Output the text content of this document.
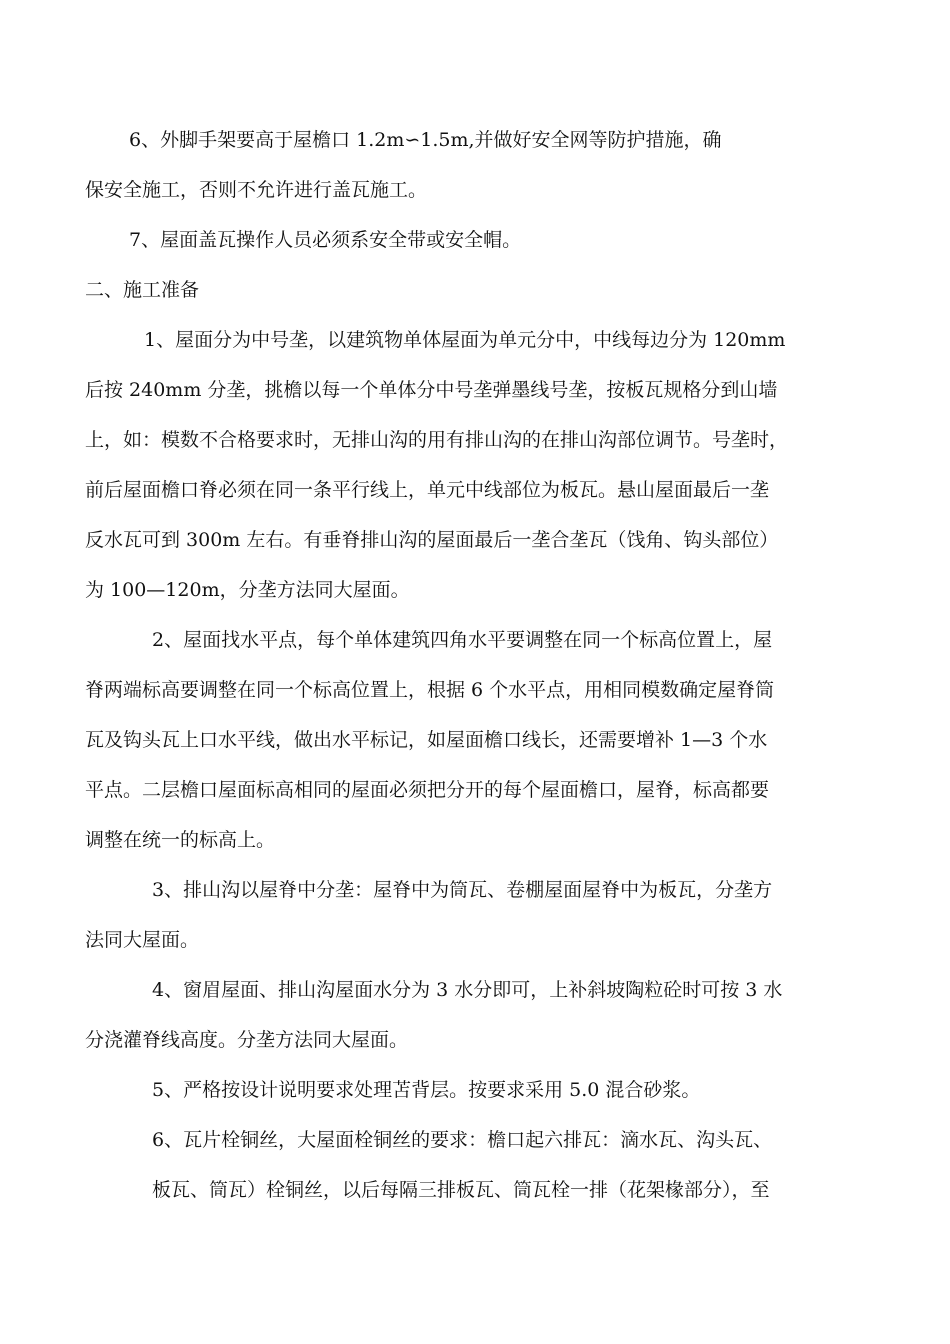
6、外脚手架要高于屋檐口 1.2m∽1.5m,并做好安全网等防护措施，确
保安全施工，否则不允许进行盖瓦施工。
7、屋面盖瓦操作人员必须系安全带或安全帽。
二、施工准备
1、屋面分为中号垄，以建筑物单体屋面为单元分中，中线每边分为 120mm
后按 240mm 分垄，挑檐以每一个单体分中号垄弹墨线号垄，按板瓦规格分到山墙
上，如：模数不合格要求时，无排山沟的用有排山沟的在排山沟部位调节。号垄时，
前后屋面檐口脊必须在同一条平行线上，单元中线部位为板瓦。悬山屋面最后一垄
反水瓦可到 300m 左右。有垂脊排山沟的屋面最后一垄合垄瓦（饯角、钩头部位）
为 100—120m，分垄方法同大屋面。
2、屋面找水平点，每个单体建筑四角水平要调整在同一个标高位置上，屋
脊两端标高要调整在同一个标高位置上，根据 6 个水平点，用相同模数确定屋脊筒
瓦及钩头瓦上口水平线，做出水平标记，如屋面檐口线长，还需要增补 1—3 个水
平点。二层檐口屋面标高相同的屋面必须把分开的每个屋面檐口，屋脊，标高都要
调整在统一的标高上。
3、排山沟以屋脊中分垄：屋脊中为筒瓦、卷棚屋面屋脊中为板瓦，分垄方
法同大屋面。
4、窗眉屋面、排山沟屋面水分为 3 水分即可，上补斜坡陶粒砼时可按 3 水
分浇灌脊线高度。分垄方法同大屋面。
5、严格按设计说明要求处理苫背层。按要求采用 5.0 混合砂浆。
6、瓦片栓铜丝，大屋面栓铜丝的要求：檐口起六排瓦：滴水瓦、沟头瓦、
板瓦、筒瓦）栓铜丝，以后每隔三排板瓦、筒瓦栓一排（花架椽部分），至
